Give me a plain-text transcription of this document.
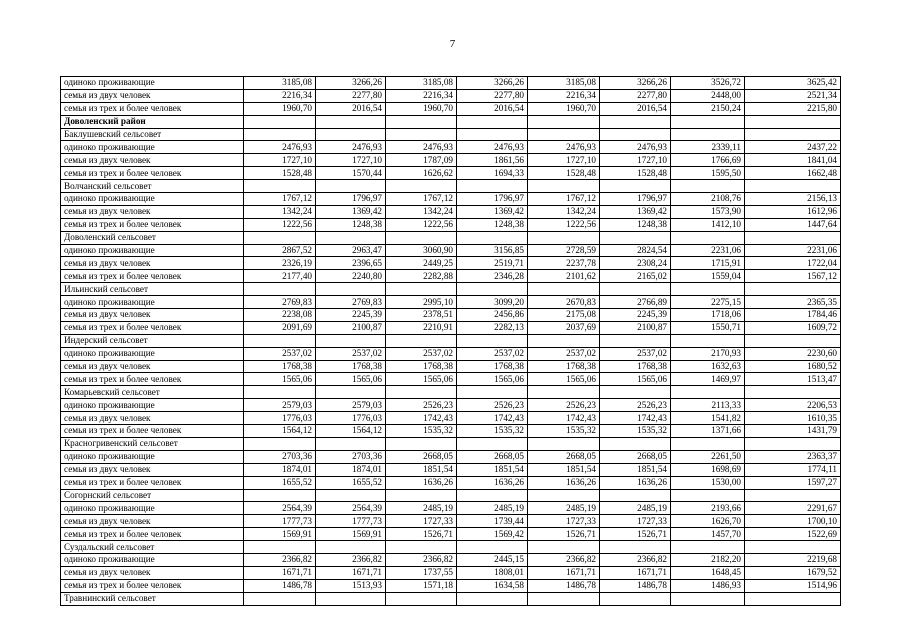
7
одиноко проживающие	3185,08	3266,26	3185,08	3266,26	3185,08	3266,26	3526,72	3625,42
семья из двух человек	2216,34	2277,80	2216,34	2277,80	2216,34	2277,80	2448,00	2521,34
семья из трех и более человек	1960,70	2016,54	1960,70	2016,54	1960,70	2016,54	2150,24	2215,80
Доволенский район								
Баклушевский сельсовет								
одиноко проживающие	2476,93	2476,93	2476,93	2476,93	2476,93	2476,93	2339,11	2437,22
семья из двух человек	1727,10	1727,10	1787,09	1861,56	1727,10	1727,10	1766,69	1841,04
семья из трех и более человек	1528,48	1570,44	1626,62	1694,33	1528,48	1528,48	1595,50	1662,48
Волчанский сельсовет								
одиноко проживающие	1767,12	1796,97	1767,12	1796,97	1767,12	1796,97	2108,76	2156,13
семья из двух человек	1342,24	1369,42	1342,24	1369,42	1342,24	1369,42	1573,90	1612,96
семья из трех и более человек	1222,56	1248,38	1222,56	1248,38	1222,56	1248,38	1412,10	1447,64
Доволенский сельсовет								
одиноко проживающие	2867,52	2963,47	3060,90	3156,85	2728,59	2824,54	2231,06	2231,06
семья из двух человек	2326,19	2396,65	2449,25	2519,71	2237,78	2308,24	1715,91	1722,04
семья из трех и более человек	2177,40	2240,80	2282,88	2346,28	2101,62	2165,02	1559,04	1567,12
Ильинский сельсовет								
одиноко проживающие	2769,83	2769,83	2995,10	3099,20	2670,83	2766,89	2275,15	2365,35
семья из двух человек	2238,08	2245,39	2378,51	2456,86	2175,08	2245,39	1718,06	1784,46
семья из трех и более человек	2091,69	2100,87	2210,91	2282,13	2037,69	2100,87	1550,71	1609,72
Индерский сельсовет								
одиноко проживающие	2537,02	2537,02	2537,02	2537,02	2537,02	2537,02	2170,93	2230,60
семья из двух человек	1768,38	1768,38	1768,38	1768,38	1768,38	1768,38	1632,63	1680,52
семья из трех и более человек	1565,06	1565,06	1565,06	1565,06	1565,06	1565,06	1469,97	1513,47
Комарьевский сельсовет								
одиноко проживающие	2579,03	2579,03	2526,23	2526,23	2526,23	2526,23	2113,33	2206,53
семья из двух человек	1776,03	1776,03	1742,43	1742,43	1742,43	1742,43	1541,82	1610,35
семья из трех и более человек	1564,12	1564,12	1535,32	1535,32	1535,32	1535,32	1371,66	1431,79
Красногривенский сельсовет								
одиноко проживающие	2703,36	2703,36	2668,05	2668,05	2668,05	2668,05	2261,50	2363,37
семья из двух человек	1874,01	1874,01	1851,54	1851,54	1851,54	1851,54	1698,69	1774,11
семья из трех и более человек	1655,52	1655,52	1636,26	1636,26	1636,26	1636,26	1530,00	1597,27
Согорнский сельсовет								
одиноко проживающие	2564,39	2564,39	2485,19	2485,19	2485,19	2485,19	2193,66	2291,67
семья из двух человек	1777,73	1777,73	1727,33	1739,44	1727,33	1727,33	1626,70	1700,10
семья из трех и более человек	1569,91	1569,91	1526,71	1569,42	1526,71	1526,71	1457,70	1522,69
Суздальский сельсовет								
одиноко проживающие	2366,82	2366,82	2366,82	2445,15	2366,82	2366,82	2182,20	2219,68
семья из двух человек	1671,71	1671,71	1737,55	1808,01	1671,71	1671,71	1648,45	1679,52
семья из трех и более человек	1486,78	1513,93	1571,18	1634,58	1486,78	1486,78	1486,93	1514,96
Травнинский сельсовет								
